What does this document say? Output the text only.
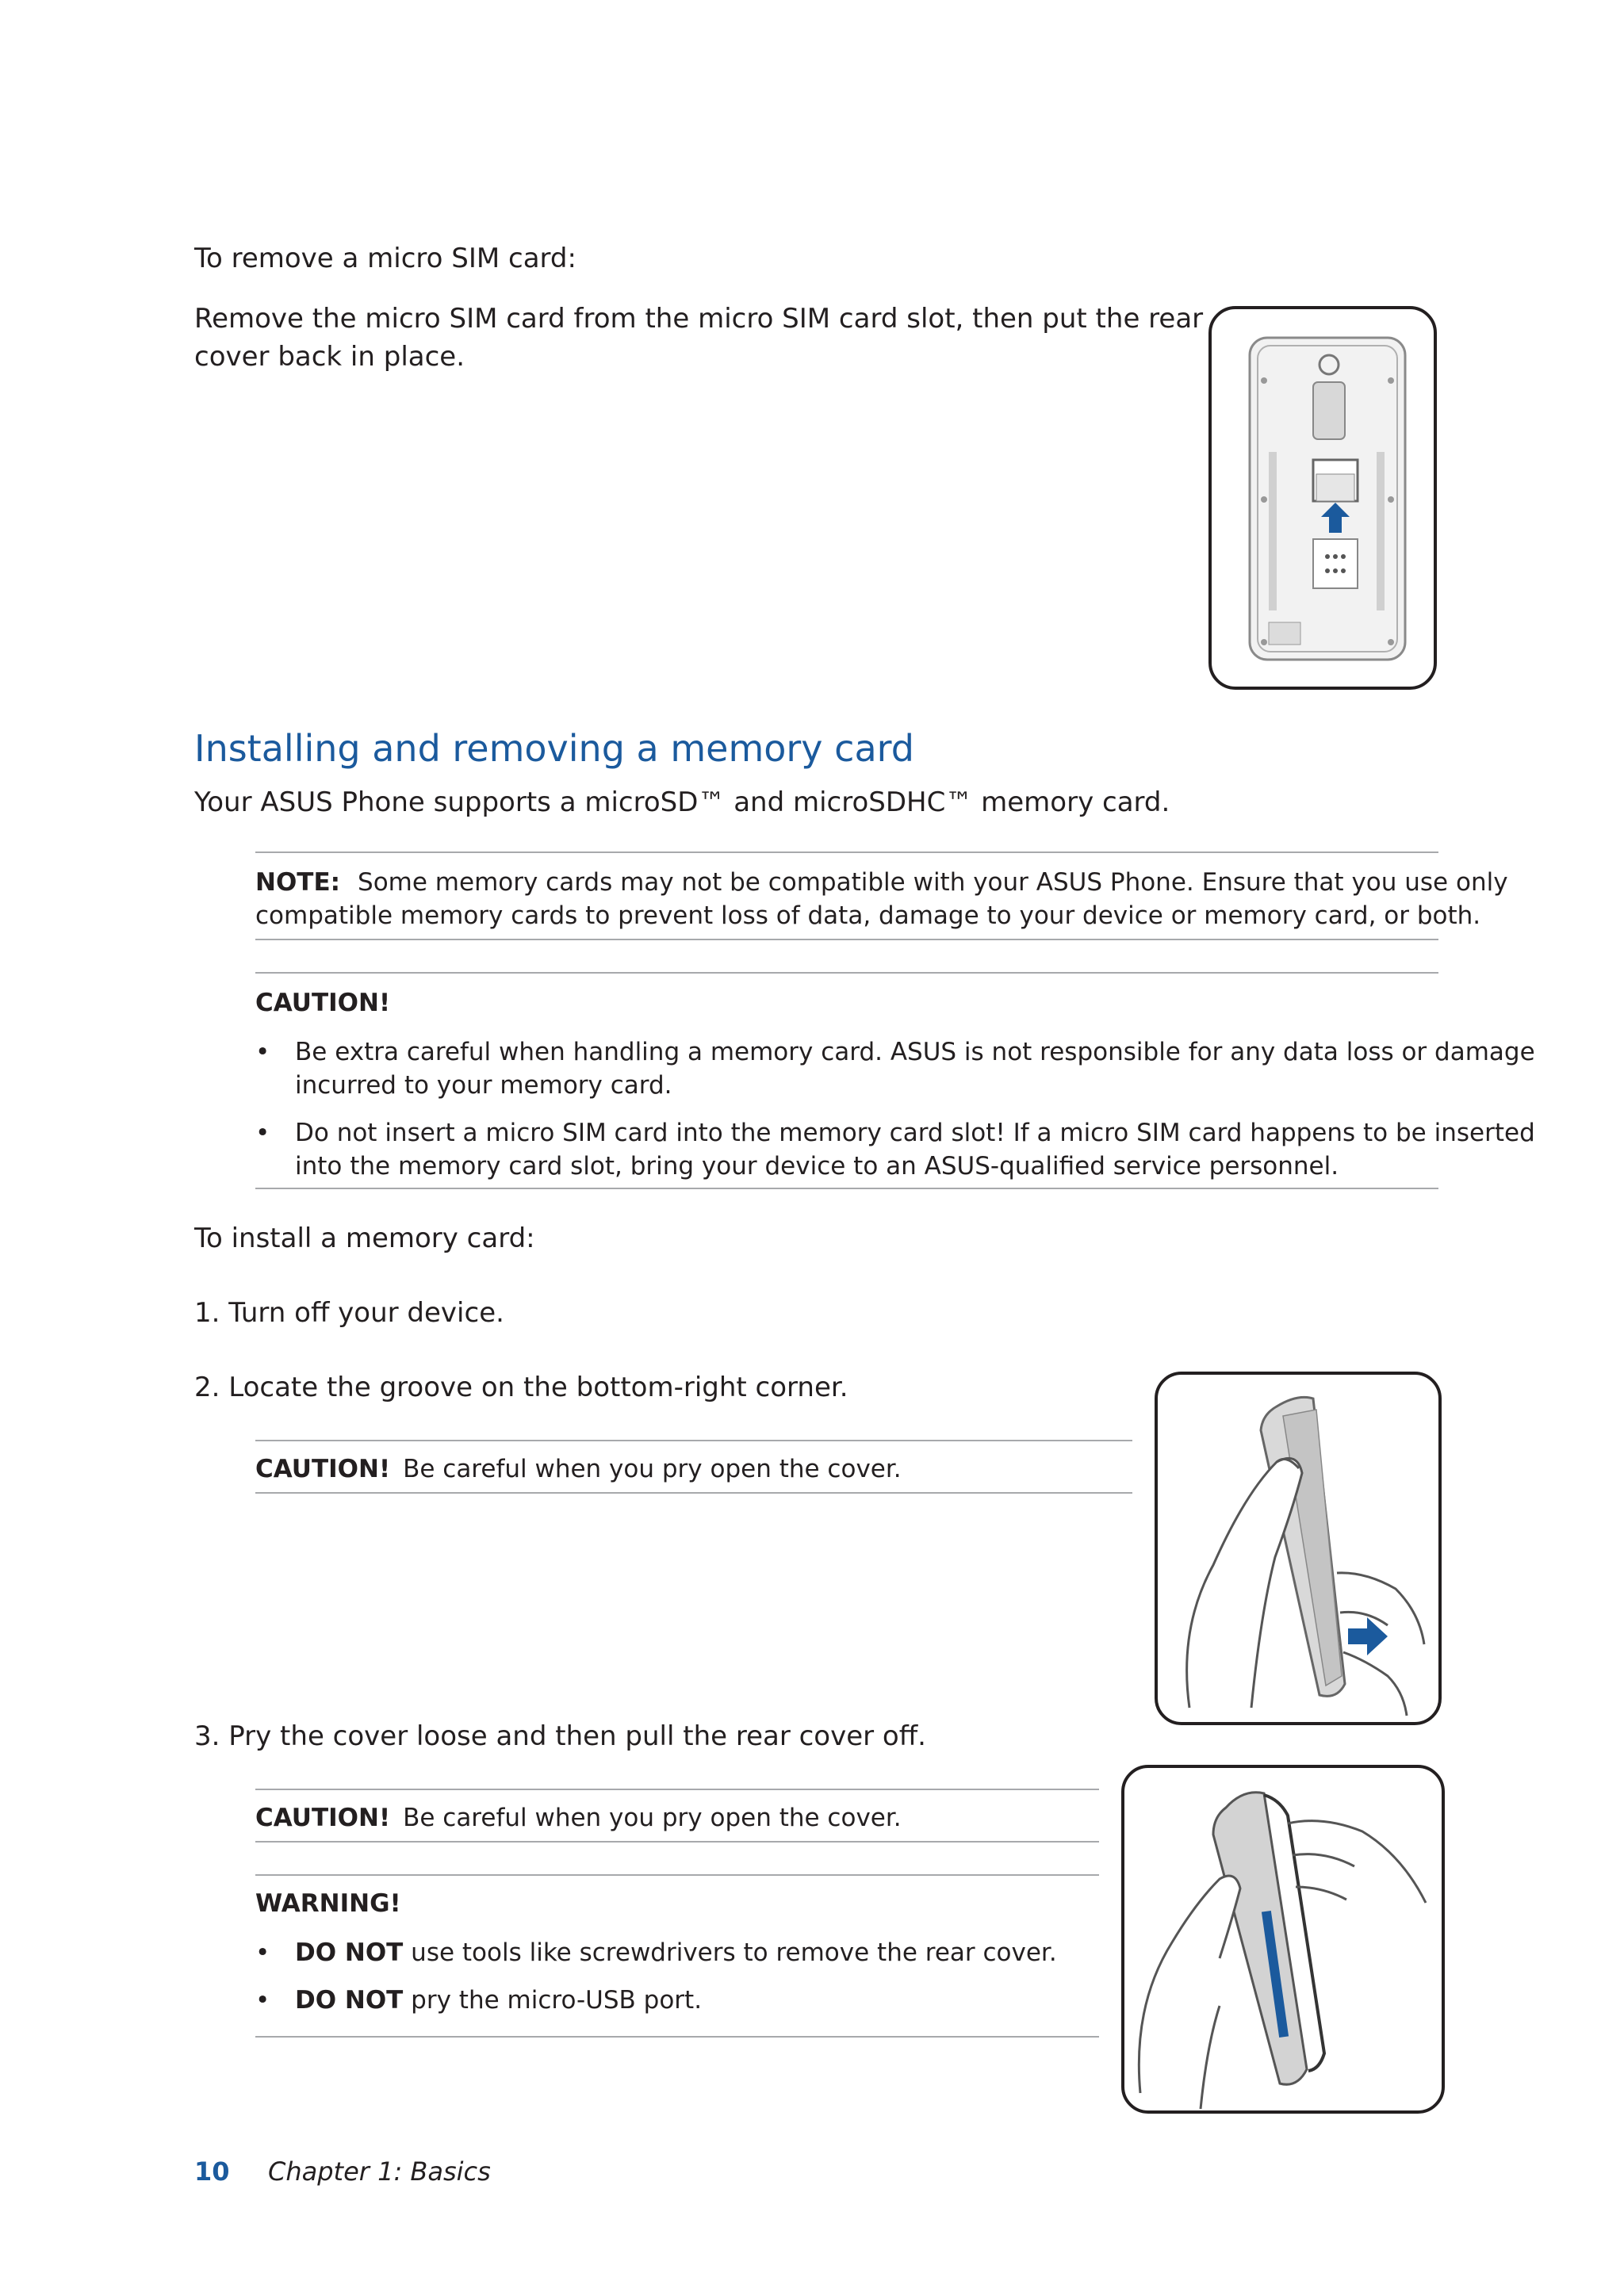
To remove a micro SIM card:
Remove the micro SIM card from the micro SIM card slot, then put the rear
cover back in place.
Installing and removing a memory card
Your ASUS Phone supports a microSD™ and microSDHC™ memory card.
NOTE: Some memory cards may not be compatible with your ASUS Phone. Ensure that you use only
compatible memory cards to prevent loss of data, damage to your device or memory card, or both.
CAUTION!
•	Be extra careful when handling a memory card. ASUS is not responsible for any data loss or damage
incurred to your memory card.
•	Do not insert a micro SIM card into the memory card slot! If a micro SIM card happens to be inserted
into the memory card slot, bring your device to an ASUS-qualified service personnel.
To install a memory card:
1. Turn off your device.
2. Locate the groove on the bottom-right corner.
CAUTION! Be careful when you pry open the cover.
3. Pry the cover loose and then pull the rear cover off.
CAUTION! Be careful when you pry open the cover.
WARNING!
•	DO NOT use tools like screwdrivers to remove the rear cover.
•	DO NOT pry the micro-USB port.
10 Chapter 1: Basics
